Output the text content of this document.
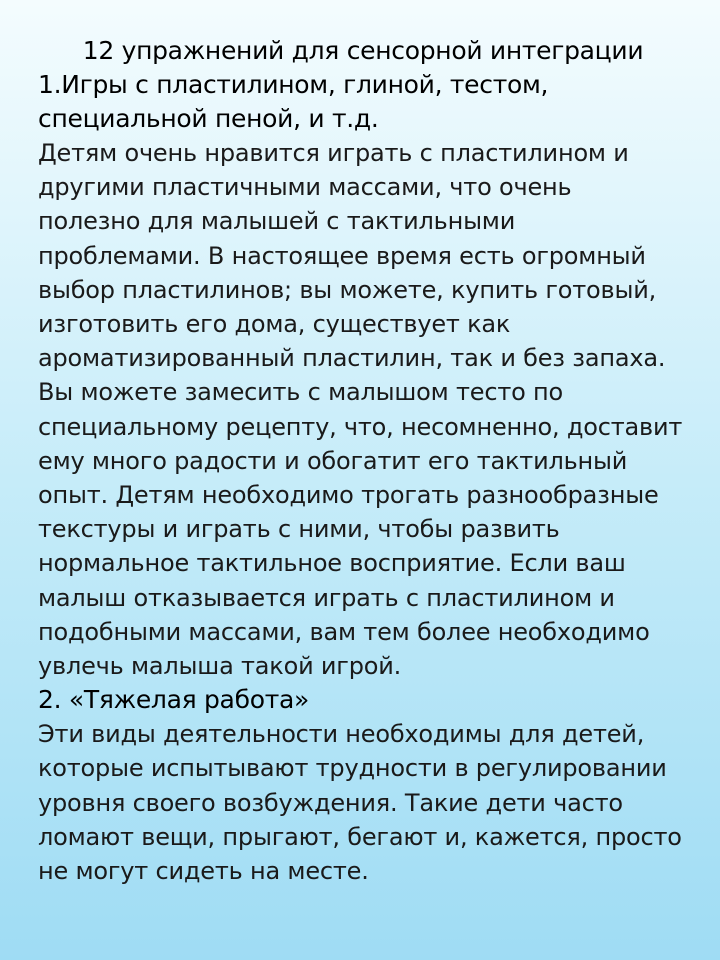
12 упражнений для сенсорной интеграции
1.Игры с пластилином, глиной, тестом,
специальной пеной, и т.д.

Детям очень нравится играть с пластилином и
другими пластичными массами, что очень
полезно для малышей с тактильными
проблемами. В настоящее время есть огромный
выбор пластилинов; вы можете, купить готовый,
изготовить его дома, существует как
ароматизированный пластилин, так и без запаха.
Вы можете замесить с малышом тесто по
специальному рецепту, что, несомненно, доставит
ему много радости и обогатит его тактильный
опыт. Детям необходимо трогать разнообразные
текстуры и играть с ними, чтобы развить
нормальное тактильное восприятие. Если ваш
малыш отказывается играть с пластилином и
подобными массами, вам тем более необходимо
увлечь малыша такой игрой.

2. «Тяжелая работа»

Эти виды деятельности необходимы для детей,
которые испытывают трудности в регулировании
уровня своего возбуждения. Такие дети часто
ломают вещи, прыгают, бегают и, кажется, просто
не могут сидеть на месте.
